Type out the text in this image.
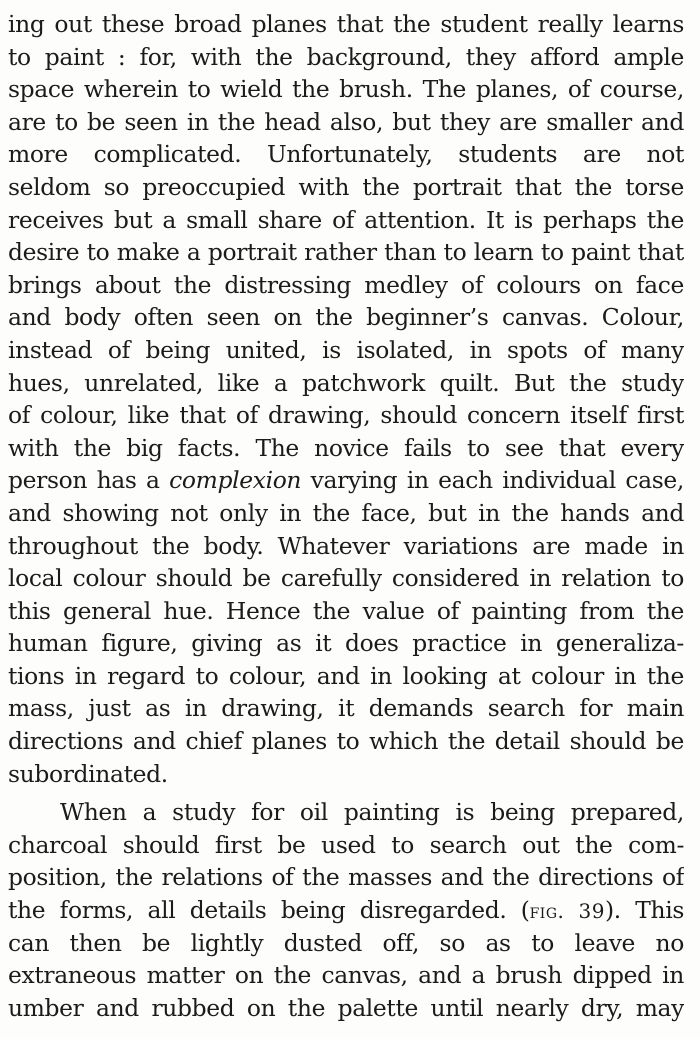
ing out these broad planes that the student really learns
to paint : for, with the background, they afford ample
space wherein to wield the brush. The planes, of course,
are to be seen in the head also, but they are smaller and
more complicated. Unfortunately, students are not
seldom so preoccupied with the portrait that the torse
receives but a small share of attention. It is perhaps the
desire to make a portrait rather than to learn to paint that
brings about the distressing medley of colours on face
and body often seen on the beginner’s canvas. Colour,
instead of being united, is isolated, in spots of many
hues, unrelated, like a patchwork quilt. But the study
of colour, like that of drawing, should concern itself first
with the big facts. The novice fails to see that every
person has a complexion varying in each individual case,
and showing not only in the face, but in the hands and
throughout the body. Whatever variations are made in
local colour should be carefully considered in relation to
this general hue. Hence the value of painting from the
human figure, giving as it does practice in generaliza-
tions in regard to colour, and in looking at colour in the
mass, just as in drawing, it demands search for main
directions and chief planes to which the detail should be
subordinated.
When a study for oil painting is being prepared,
charcoal should first be used to search out the com-
position, the relations of the masses and the directions of
the forms, all details being disregarded. (fig. 39). This
can then be lightly dusted off, so as to leave no
extraneous matter on the canvas, and a brush dipped in
umber and rubbed on the palette until nearly dry, may
